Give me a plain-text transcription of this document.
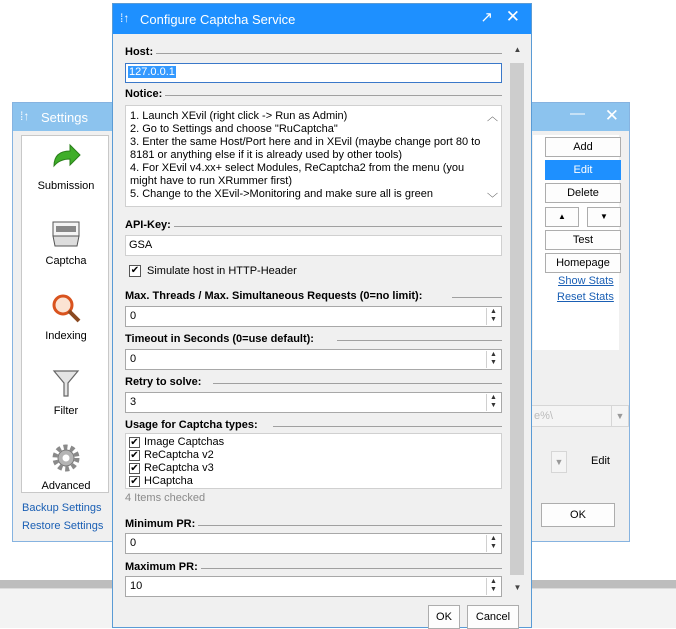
⁞↑ Settings	— ✕
Submission
Captcha
Indexing
Filter
Advanced
Backup Settings
Restore Settings
Add
Edit
Delete
▲	▼
Test
Homepage
Show Stats
Reset Stats
e%\	▼
▼	Edit
OK
⁞↑ Configure Captcha Service	↗ ✕
Host:
127.0.0.1
Notice:
1. Launch XEvil (right click -> Run as Admin)
2. Go to Settings and choose "RuCaptcha"
3. Enter the same Host/Port here and in XEvil (maybe change port 80 to 8181 or anything else if it is already used by other tools)
4. For XEvil v4.xx+ select Modules, ReCaptcha2 from the menu (you might have to run XRummer first)
5. Change to the XEvil->Monitoring and make sure all is green
︿
﹀
API-Key:
GSA
✔ Simulate host in HTTP-Header
Max. Threads / Max. Simultaneous Requests (0=no limit):
0	▲
▼
Timeout in Seconds (0=use default):
0	▲
▼
Retry to solve:
3	▲
▼
Usage for Captcha types:
✔ Image Captchas
✔ ReCaptcha v2
✔ ReCaptcha v3
✔ HCaptcha
4 Items checked
Minimum PR:
0	▲
▼
Maximum PR:
10	▲
▼
▲
▼
OK	Cancel
